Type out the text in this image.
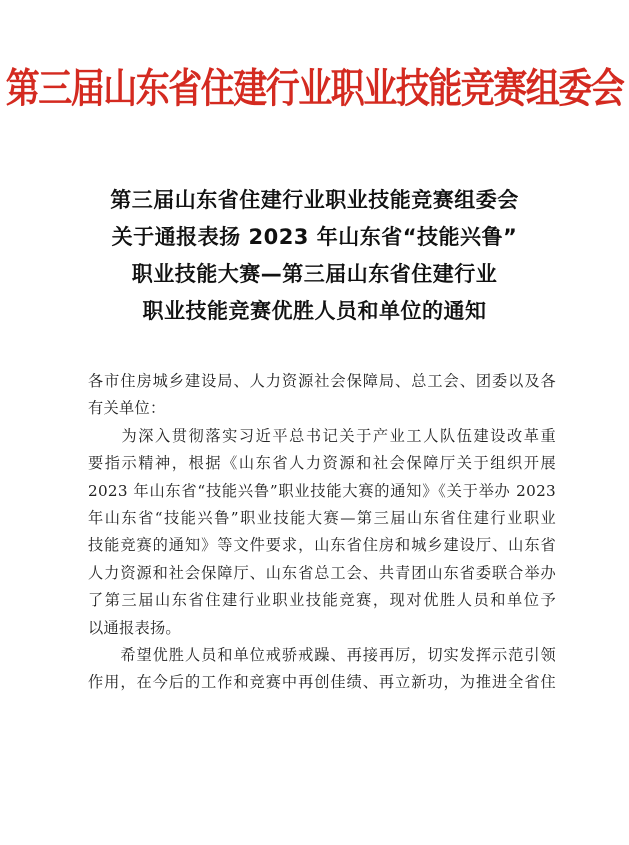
第三届山东省住建行业职业技能竞赛组委会
第三届山东省住建行业职业技能竞赛组委会
关于通报表扬 2023 年山东省“技能兴鲁”
职业技能大赛—第三届山东省住建行业
职业技能竞赛优胜人员和单位的通知
各市住房城乡建设局、人力资源社会保障局、总工会、团委以及各
有关单位：
　　为深入贯彻落实习近平总书记关于产业工人队伍建设改革重
要指示精神，根据《山东省人力资源和社会保障厅关于组织开展
2023 年山东省“技能兴鲁”职业技能大赛的通知》《关于举办 2023
年山东省“技能兴鲁”职业技能大赛—第三届山东省住建行业职业
技能竞赛的通知》等文件要求，山东省住房和城乡建设厅、山东省
人力资源和社会保障厅、山东省总工会、共青团山东省委联合举办
了第三届山东省住建行业职业技能竞赛，现对优胜人员和单位予
以通报表扬。
　　希望优胜人员和单位戒骄戒躁、再接再厉，切实发挥示范引领
作用，在今后的工作和竞赛中再创佳绩、再立新功，为推进全省住
